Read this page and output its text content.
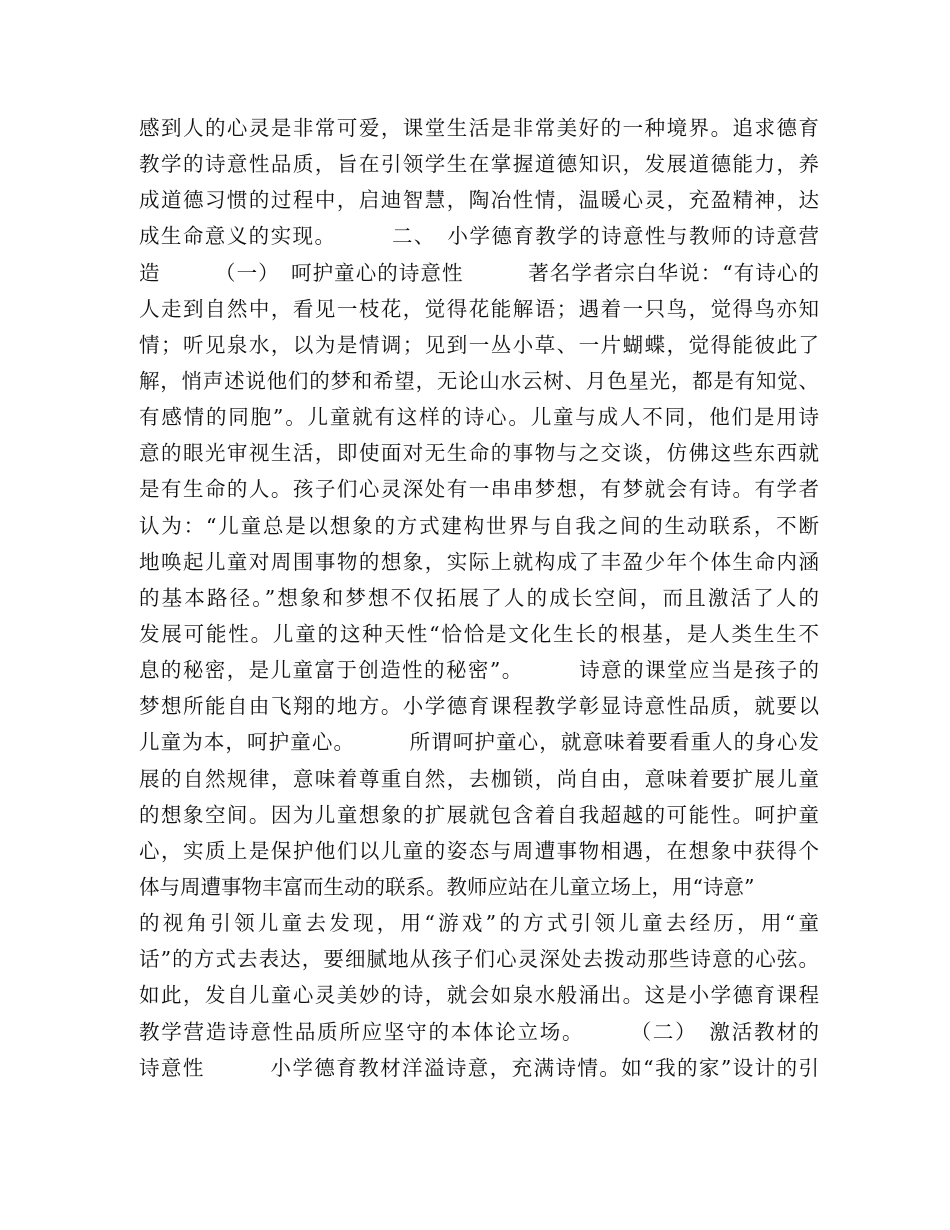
感到人的心灵是非常可爱，课堂生活是非常美好的一种境界。追求德育
教学的诗意性品质，旨在引领学生在掌握道德知识，发展道德能力，养
成道德习惯的过程中，启迪智慧，陶冶性情，温暖心灵，充盈精神，达
成生命意义的实现。　　　二、　小学德育教学的诗意性与教师的诗意营
造　　　（一）　呵护童心的诗意性　　　著名学者宗白华说：“有诗心的
人走到自然中，看见一枝花，觉得花能解语；遇着一只鸟，觉得鸟亦知
情；听见泉水，以为是情调；见到一丛小草、一片蝴蝶，觉得能彼此了
解，悄声述说他们的梦和希望，无论山水云树、月色星光，都是有知觉、
有感情的同胞”。儿童就有这样的诗心。儿童与成人不同，他们是用诗
意的眼光审视生活，即使面对无生命的事物与之交谈，仿佛这些东西就
是有生命的人。孩子们心灵深处有一串串梦想，有梦就会有诗。有学者
认为：“儿童总是以想象的方式建构世界与自我之间的生动联系，不断
地唤起儿童对周围事物的想象，实际上就构成了丰盈少年个体生命内涵
的基本路径。”想象和梦想不仅拓展了人的成长空间，而且激活了人的
发展可能性。儿童的这种天性“恰恰是文化生长的根基，是人类生生不
息的秘密，是儿童富于创造性的秘密”。　　　诗意的课堂应当是孩子的
梦想所能自由飞翔的地方。小学德育课程教学彰显诗意性品质，就要以
儿童为本，呵护童心。　　　所谓呵护童心，就意味着要看重人的身心发
展的自然规律，意味着尊重自然，去枷锁，尚自由，意味着要扩展儿童
的想象空间。因为儿童想象的扩展就包含着自我超越的可能性。呵护童
心，实质上是保护他们以儿童的姿态与周遭事物相遇，在想象中获得个
体与周遭事物丰富而生动的联系。教师应站在儿童立场上，用“诗意”
的视角引领儿童去发现，用“游戏”的方式引领儿童去经历，用“童
话”的方式去表达，要细腻地从孩子们心灵深处去拨动那些诗意的心弦。
如此，发自儿童心灵美妙的诗，就会如泉水般涌出。这是小学德育课程
教学营造诗意性品质所应坚守的本体论立场。　　　（二）　激活教材的
诗意性　　　小学德育教材洋溢诗意，充满诗情。如“我的家”设计的引
